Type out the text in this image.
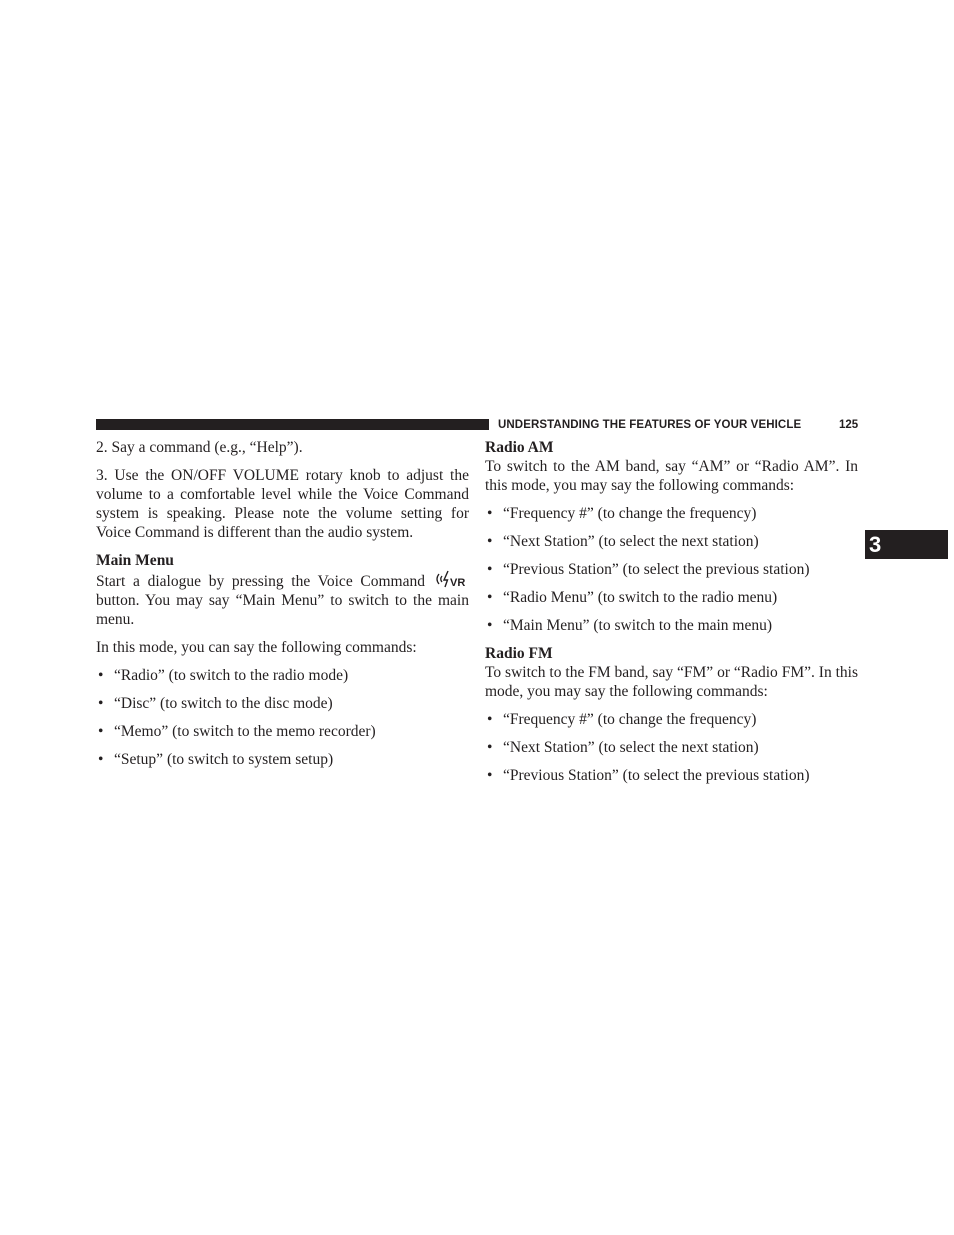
UNDERSTANDING THE FEATURES OF YOUR VEHICLE	125
3

2. Say a command (e.g., “Help”).

3. Use the ON/OFF VOLUME rotary knob to adjust the volume to a comfortable level while the Voice Command system is speaking. Please note the volume setting for Voice Command is different than the audio system.

Main Menu

Start a dialogue by pressing the Voice Command VR
button. You may say “Main Menu” to switch to the main menu.

In this mode, you can say the following commands:

• “Radio” (to switch to the radio mode)
• “Disc” (to switch to the disc mode)
• “Memo” (to switch to the memo recorder)
• “Setup” (to switch to system setup)
Radio AM

To switch to the AM band, say “AM” or “Radio AM”. In this mode, you may say the following commands:

• “Frequency #” (to change the frequency)
• “Next Station” (to select the next station)
• “Previous Station” (to select the previous station)
• “Radio Menu” (to switch to the radio menu)
• “Main Menu” (to switch to the main menu)
Radio FM

To switch to the FM band, say “FM” or “Radio FM”. In this mode, you may say the following commands:

• “Frequency #” (to change the frequency)
• “Next Station” (to select the next station)
• “Previous Station” (to select the previous station)
